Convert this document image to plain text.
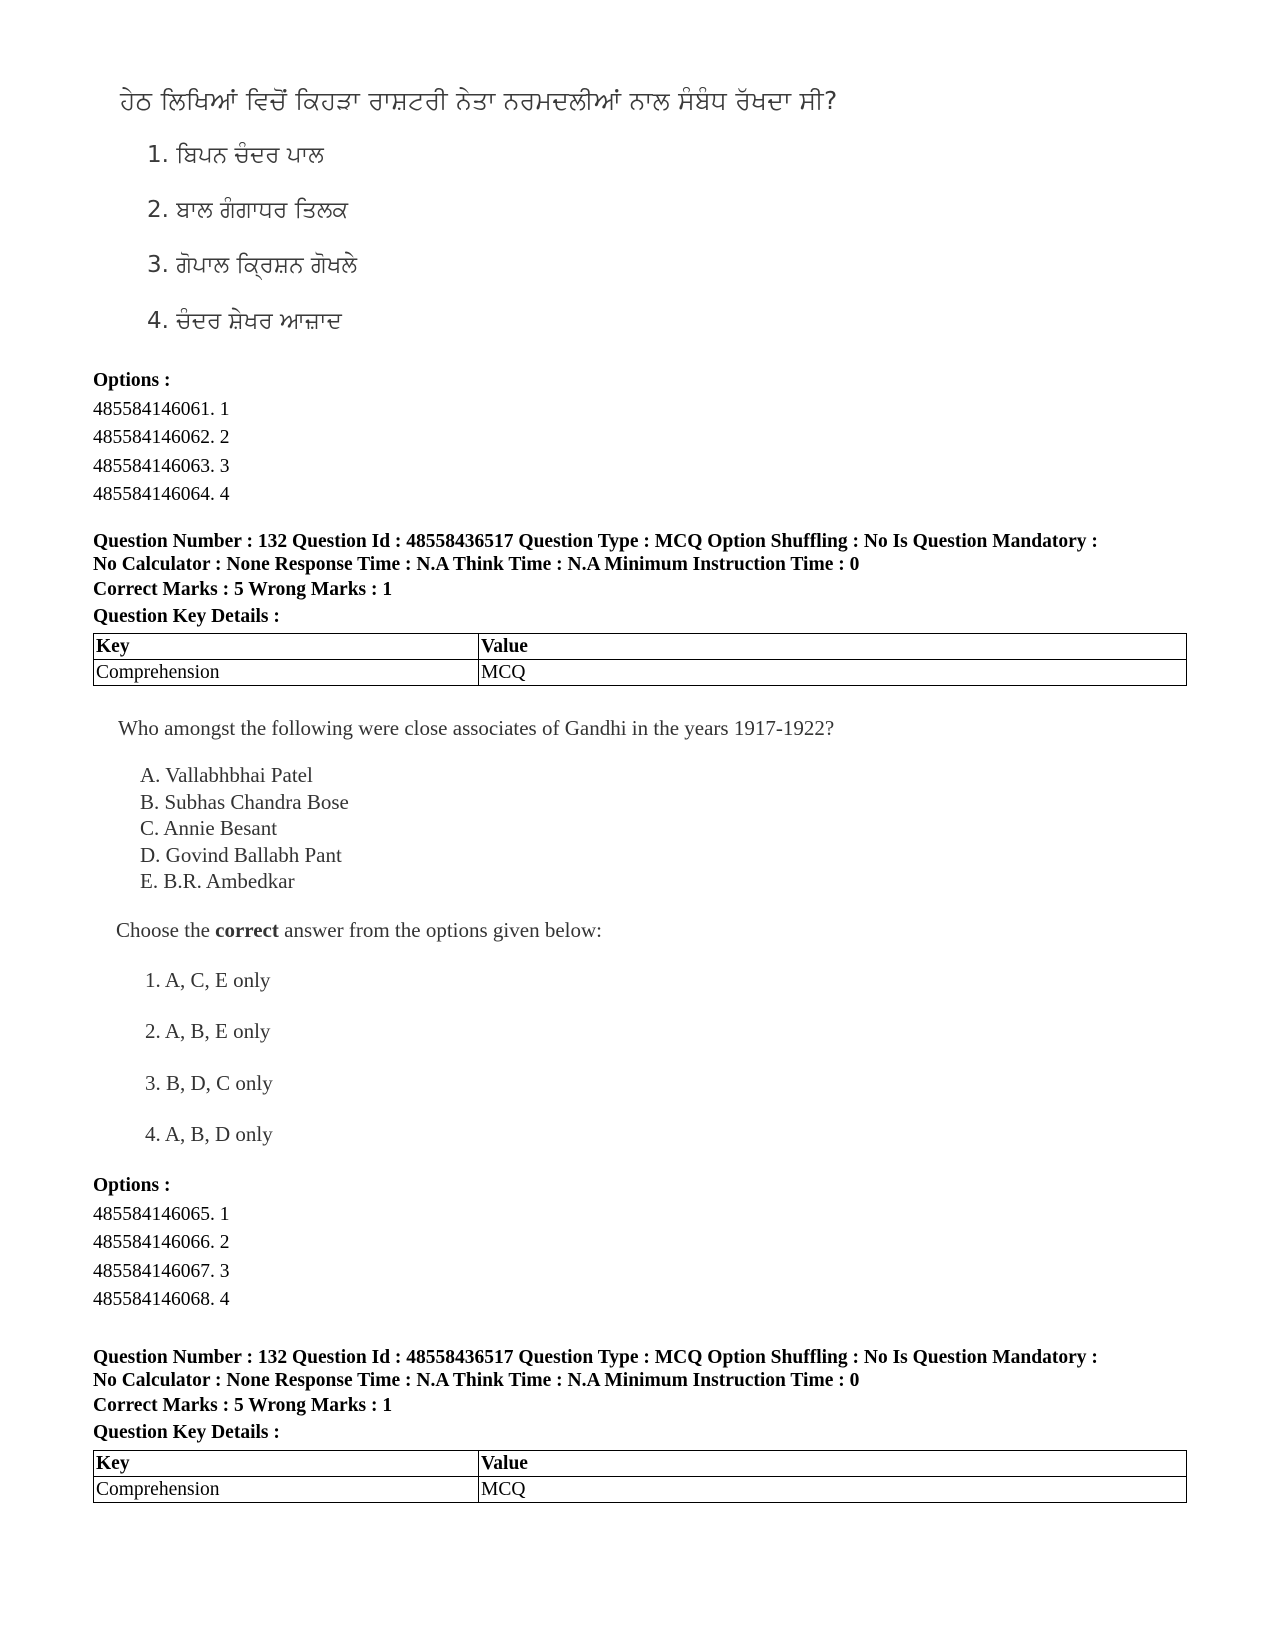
ਹੇਠ ਲਿਖਿਆਂ ਵਿਚੋਂ ਕਿਹੜਾ ਰਾਸ਼ਟਰੀ ਨੇਤਾ ਨਰਮਦਲੀਆਂ ਨਾਲ ਸੰਬੰਧ ਰੱਖਦਾ ਸੀ?
1. ਬਿਪਨ ਚੰਦਰ ਪਾਲ
2. ਬਾਲ ਗੰਗਾਧਰ ਤਿਲਕ
3. ਗੋਪਾਲ ਕ੍ਰਿਸ਼ਨ ਗੋਖਲੇ
4. ਚੰਦਰ ਸ਼ੇਖਰ ਆਜ਼ਾਦ
Options :
485584146061. 1
485584146062. 2
485584146063. 3
485584146064. 4
Question Number : 132 Question Id : 48558436517 Question Type : MCQ Option Shuffling : No Is Question Mandatory :
No Calculator : None Response Time : N.A Think Time : N.A Minimum Instruction Time : 0
Correct Marks : 5 Wrong Marks : 1
Question Key Details :
Key	Value
Comprehension	MCQ
Who amongst the following were close associates of Gandhi in the years 1917-1922?
A. Vallabhbhai Patel
B. Subhas Chandra Bose
C. Annie Besant
D. Govind Ballabh Pant
E. B.R. Ambedkar
Choose the correct answer from the options given below:
1. A, C, E only
2. A, B, E only
3. B, D, C only
4. A, B, D only
Options :
485584146065. 1
485584146066. 2
485584146067. 3
485584146068. 4
Question Number : 132 Question Id : 48558436517 Question Type : MCQ Option Shuffling : No Is Question Mandatory :
No Calculator : None Response Time : N.A Think Time : N.A Minimum Instruction Time : 0
Correct Marks : 5 Wrong Marks : 1
Question Key Details :
Key	Value
Comprehension	MCQ
